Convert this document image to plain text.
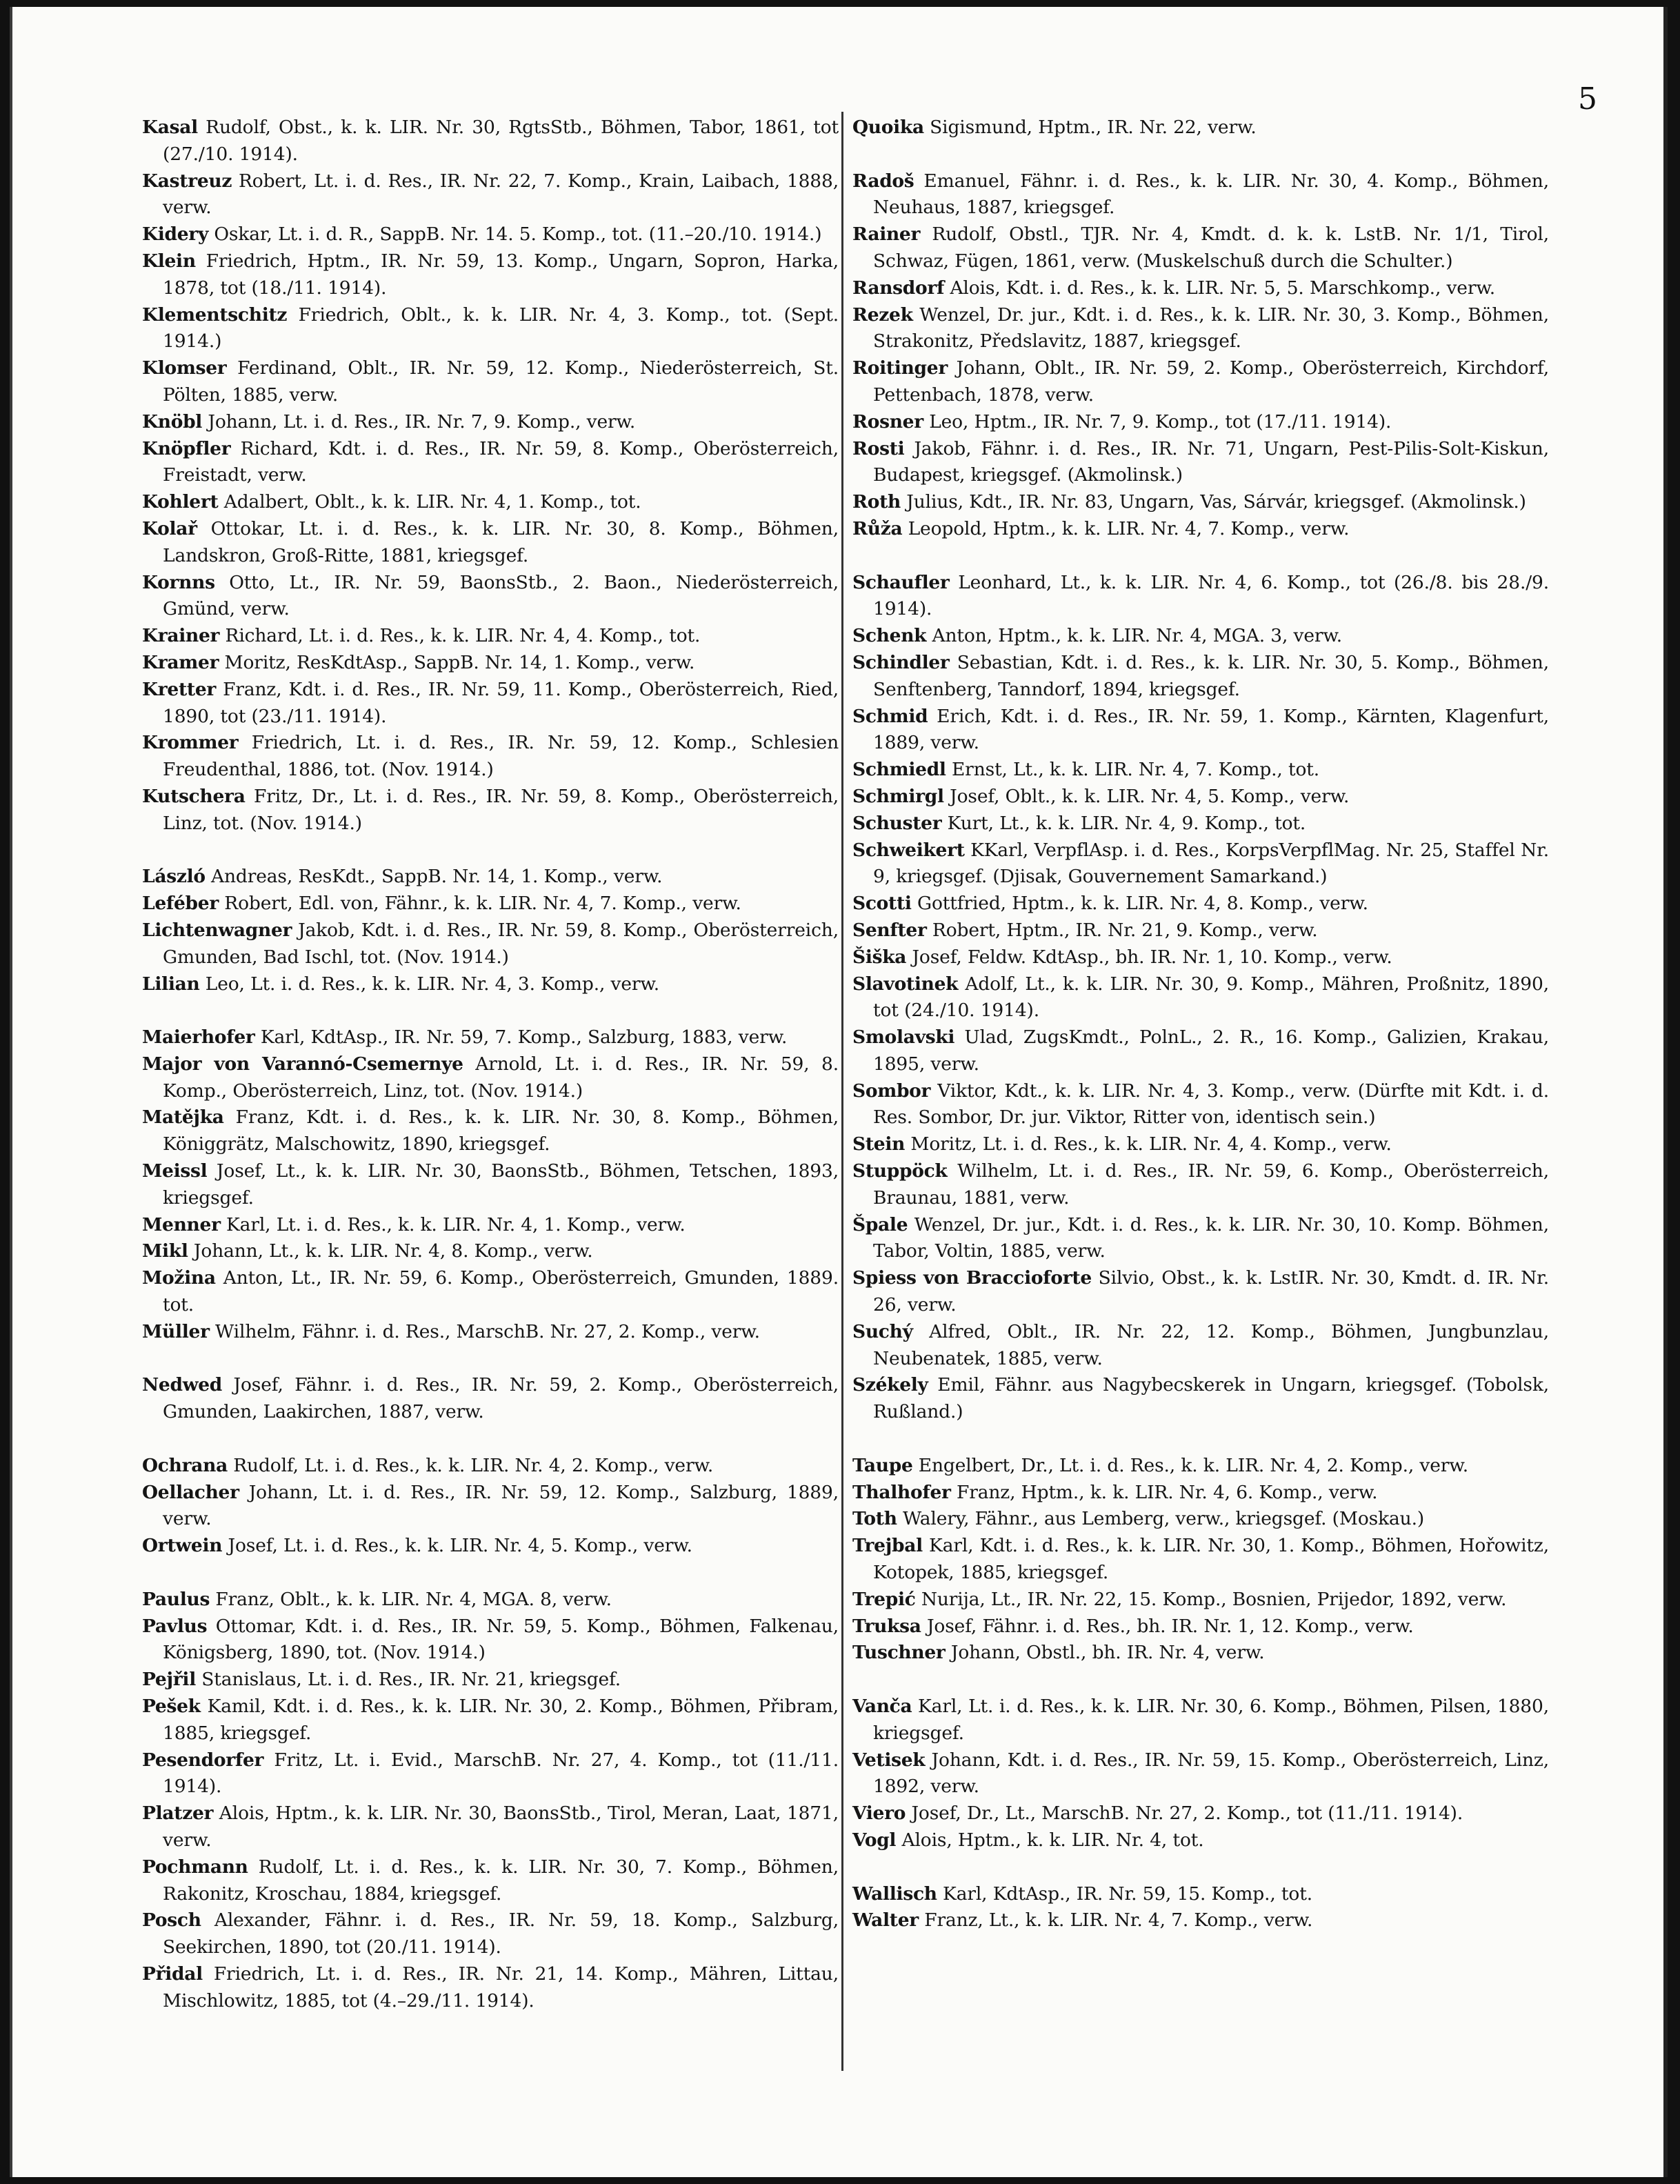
5
Kasal Rudolf, Obst., k. k. LIR. Nr. 30, RgtsStb., Böhmen, Tabor, 1861, tot (27./10. 1914).
Kastreuz Robert, Lt. i. d. Res., IR. Nr. 22, 7. Komp., Krain, Laibach, 1888, verw.
Kidery Oskar, Lt. i. d. R., SappB. Nr. 14. 5. Komp., tot. (11.–20./10. 1914.)
Klein Friedrich, Hptm., IR. Nr. 59, 13. Komp., Ungarn, Sopron, Harka, 1878, tot (18./11. 1914).
Klementschitz Friedrich, Oblt., k. k. LIR. Nr. 4, 3. Komp., tot. (Sept. 1914.)
Klomser Ferdinand, Oblt., IR. Nr. 59, 12. Komp., Niederösterreich, St. Pölten, 1885, verw.
Knöbl Johann, Lt. i. d. Res., IR. Nr. 7, 9. Komp., verw.
Knöpfler Richard, Kdt. i. d. Res., IR. Nr. 59, 8. Komp., Oberösterreich, Freistadt, verw.
Kohlert Adalbert, Oblt., k. k. LIR. Nr. 4, 1. Komp., tot.
Kolař Ottokar, Lt. i. d. Res., k. k. LIR. Nr. 30, 8. Komp., Böhmen, Landskron, Groß-Ritte, 1881, kriegsgef.
Kornns Otto, Lt., IR. Nr. 59, BaonsStb., 2. Baon., Niederösterreich, Gmünd, verw.
Krainer Richard, Lt. i. d. Res., k. k. LIR. Nr. 4, 4. Komp., tot.
Kramer Moritz, ResKdtAsp., SappB. Nr. 14, 1. Komp., verw.
Kretter Franz, Kdt. i. d. Res., IR. Nr. 59, 11. Komp., Oberösterreich, Ried, 1890, tot (23./11. 1914).
Krommer Friedrich, Lt. i. d. Res., IR. Nr. 59, 12. Komp., Schlesien Freudenthal, 1886, tot. (Nov. 1914.)
Kutschera Fritz, Dr., Lt. i. d. Res., IR. Nr. 59, 8. Komp., Oberösterreich, Linz, tot. (Nov. 1914.)
László Andreas, ResKdt., SappB. Nr. 14, 1. Komp., verw.
Leféber Robert, Edl. von, Fähnr., k. k. LIR. Nr. 4, 7. Komp., verw.
Lichtenwagner Jakob, Kdt. i. d. Res., IR. Nr. 59, 8. Komp., Oberösterreich, Gmunden, Bad Ischl, tot. (Nov. 1914.)
Lilian Leo, Lt. i. d. Res., k. k. LIR. Nr. 4, 3. Komp., verw.
Maierhofer Karl, KdtAsp., IR. Nr. 59, 7. Komp., Salzburg, 1883, verw.
Major von Varannó-Csemernye Arnold, Lt. i. d. Res., IR. Nr. 59, 8. Komp., Oberösterreich, Linz, tot. (Nov. 1914.)
Matějka Franz, Kdt. i. d. Res., k. k. LIR. Nr. 30, 8. Komp., Böhmen, Königgrätz, Malschowitz, 1890, kriegsgef.
Meissl Josef, Lt., k. k. LIR. Nr. 30, BaonsStb., Böhmen, Tetschen, 1893, kriegsgef.
Menner Karl, Lt. i. d. Res., k. k. LIR. Nr. 4, 1. Komp., verw.
Mikl Johann, Lt., k. k. LIR. Nr. 4, 8. Komp., verw.
Možina Anton, Lt., IR. Nr. 59, 6. Komp., Oberösterreich, Gmunden, 1889. tot.
Müller Wilhelm, Fähnr. i. d. Res., MarschB. Nr. 27, 2. Komp., verw.
Nedwed Josef, Fähnr. i. d. Res., IR. Nr. 59, 2. Komp., Oberösterreich, Gmunden, Laakirchen, 1887, verw.
Ochrana Rudolf, Lt. i. d. Res., k. k. LIR. Nr. 4, 2. Komp., verw.
Oellacher Johann, Lt. i. d. Res., IR. Nr. 59, 12. Komp., Salzburg, 1889, verw.
Ortwein Josef, Lt. i. d. Res., k. k. LIR. Nr. 4, 5. Komp., verw.
Paulus Franz, Oblt., k. k. LIR. Nr. 4, MGA. 8, verw.
Pavlus Ottomar, Kdt. i. d. Res., IR. Nr. 59, 5. Komp., Böhmen, Falkenau, Königsberg, 1890, tot. (Nov. 1914.)
Pejřil Stanislaus, Lt. i. d. Res., IR. Nr. 21, kriegsgef.
Pešek Kamil, Kdt. i. d. Res., k. k. LIR. Nr. 30, 2. Komp., Böhmen, Přibram, 1885, kriegsgef.
Pesendorfer Fritz, Lt. i. Evid., MarschB. Nr. 27, 4. Komp., tot (11./11. 1914).
Platzer Alois, Hptm., k. k. LIR. Nr. 30, BaonsStb., Tirol, Meran, Laat, 1871, verw.
Pochmann Rudolf, Lt. i. d. Res., k. k. LIR. Nr. 30, 7. Komp., Böhmen, Rakonitz, Kroschau, 1884, kriegsgef.
Posch Alexander, Fähnr. i. d. Res., IR. Nr. 59, 18. Komp., Salzburg, Seekirchen, 1890, tot (20./11. 1914).
Přidal Friedrich, Lt. i. d. Res., IR. Nr. 21, 14. Komp., Mähren, Littau, Mischlowitz, 1885, tot (4.–29./11. 1914).
Quoika Sigismund, Hptm., IR. Nr. 22, verw.
Radoš Emanuel, Fähnr. i. d. Res., k. k. LIR. Nr. 30, 4. Komp., Böhmen, Neuhaus, 1887, kriegsgef.
Rainer Rudolf, Obstl., TJR. Nr. 4, Kmdt. d. k. k. LstB. Nr. 1/1, Tirol, Schwaz, Fügen, 1861, verw. (Muskelschuß durch die Schulter.)
Ransdorf Alois, Kdt. i. d. Res., k. k. LIR. Nr. 5, 5. Marschkomp., verw.
Rezek Wenzel, Dr. jur., Kdt. i. d. Res., k. k. LIR. Nr. 30, 3. Komp., Böhmen, Strakonitz, Předslavitz, 1887, kriegsgef.
Roitinger Johann, Oblt., IR. Nr. 59, 2. Komp., Oberösterreich, Kirchdorf, Pettenbach, 1878, verw.
Rosner Leo, Hptm., IR. Nr. 7, 9. Komp., tot (17./11. 1914).
Rosti Jakob, Fähnr. i. d. Res., IR. Nr. 71, Ungarn, Pest-Pilis-Solt-Kiskun, Budapest, kriegsgef. (Akmolinsk.)
Roth Julius, Kdt., IR. Nr. 83, Ungarn, Vas, Sárvár, kriegsgef. (Akmolinsk.)
Růža Leopold, Hptm., k. k. LIR. Nr. 4, 7. Komp., verw.
Schaufler Leonhard, Lt., k. k. LIR. Nr. 4, 6. Komp., tot (26./8. bis 28./9. 1914).
Schenk Anton, Hptm., k. k. LIR. Nr. 4, MGA. 3, verw.
Schindler Sebastian, Kdt. i. d. Res., k. k. LIR. Nr. 30, 5. Komp., Böhmen, Senftenberg, Tanndorf, 1894, kriegsgef.
Schmid Erich, Kdt. i. d. Res., IR. Nr. 59, 1. Komp., Kärnten, Klagenfurt, 1889, verw.
Schmiedl Ernst, Lt., k. k. LIR. Nr. 4, 7. Komp., tot.
Schmirgl Josef, Oblt., k. k. LIR. Nr. 4, 5. Komp., verw.
Schuster Kurt, Lt., k. k. LIR. Nr. 4, 9. Komp., tot.
Schweikert KKarl, VerpflAsp. i. d. Res., KorpsVerpflMag. Nr. 25, Staffel Nr. 9, kriegsgef. (Djisak, Gouvernement Samarkand.)
Scotti Gottfried, Hptm., k. k. LIR. Nr. 4, 8. Komp., verw.
Senfter Robert, Hptm., IR. Nr. 21, 9. Komp., verw.
Šiška Josef, Feldw. KdtAsp., bh. IR. Nr. 1, 10. Komp., verw.
Slavotinek Adolf, Lt., k. k. LIR. Nr. 30, 9. Komp., Mähren, Proßnitz, 1890, tot (24./10. 1914).
Smolavski Ulad, ZugsKmdt., PolnL., 2. R., 16. Komp., Galizien, Krakau, 1895, verw.
Sombor Viktor, Kdt., k. k. LIR. Nr. 4, 3. Komp., verw. (Dürfte mit Kdt. i. d. Res. Sombor, Dr. jur. Viktor, Ritter von, identisch sein.)
Stein Moritz, Lt. i. d. Res., k. k. LIR. Nr. 4, 4. Komp., verw.
Stuppöck Wilhelm, Lt. i. d. Res., IR. Nr. 59, 6. Komp., Oberösterreich, Braunau, 1881, verw.
Špale Wenzel, Dr. jur., Kdt. i. d. Res., k. k. LIR. Nr. 30, 10. Komp. Böhmen, Tabor, Voltin, 1885, verw.
Spiess von Braccioforte Silvio, Obst., k. k. LstIR. Nr. 30, Kmdt. d. IR. Nr. 26, verw.
Suchý Alfred, Oblt., IR. Nr. 22, 12. Komp., Böhmen, Jungbunzlau, Neubenatek, 1885, verw.
Székely Emil, Fähnr. aus Nagybecskerek in Ungarn, kriegsgef. (Tobolsk, Rußland.)
Taupe Engelbert, Dr., Lt. i. d. Res., k. k. LIR. Nr. 4, 2. Komp., verw.
Thalhofer Franz, Hptm., k. k. LIR. Nr. 4, 6. Komp., verw.
Toth Walery, Fähnr., aus Lemberg, verw., kriegsgef. (Moskau.)
Trejbal Karl, Kdt. i. d. Res., k. k. LIR. Nr. 30, 1. Komp., Böhmen, Hořowitz, Kotopek, 1885, kriegsgef.
Trepić Nurija, Lt., IR. Nr. 22, 15. Komp., Bosnien, Prijedor, 1892, verw.
Truksa Josef, Fähnr. i. d. Res., bh. IR. Nr. 1, 12. Komp., verw.
Tuschner Johann, Obstl., bh. IR. Nr. 4, verw.
Vanča Karl, Lt. i. d. Res., k. k. LIR. Nr. 30, 6. Komp., Böhmen, Pilsen, 1880, kriegsgef.
Vetisek Johann, Kdt. i. d. Res., IR. Nr. 59, 15. Komp., Oberösterreich, Linz, 1892, verw.
Viero Josef, Dr., Lt., MarschB. Nr. 27, 2. Komp., tot (11./11. 1914).
Vogl Alois, Hptm., k. k. LIR. Nr. 4, tot.
Wallisch Karl, KdtAsp., IR. Nr. 59, 15. Komp., tot.
Walter Franz, Lt., k. k. LIR. Nr. 4, 7. Komp., verw.
